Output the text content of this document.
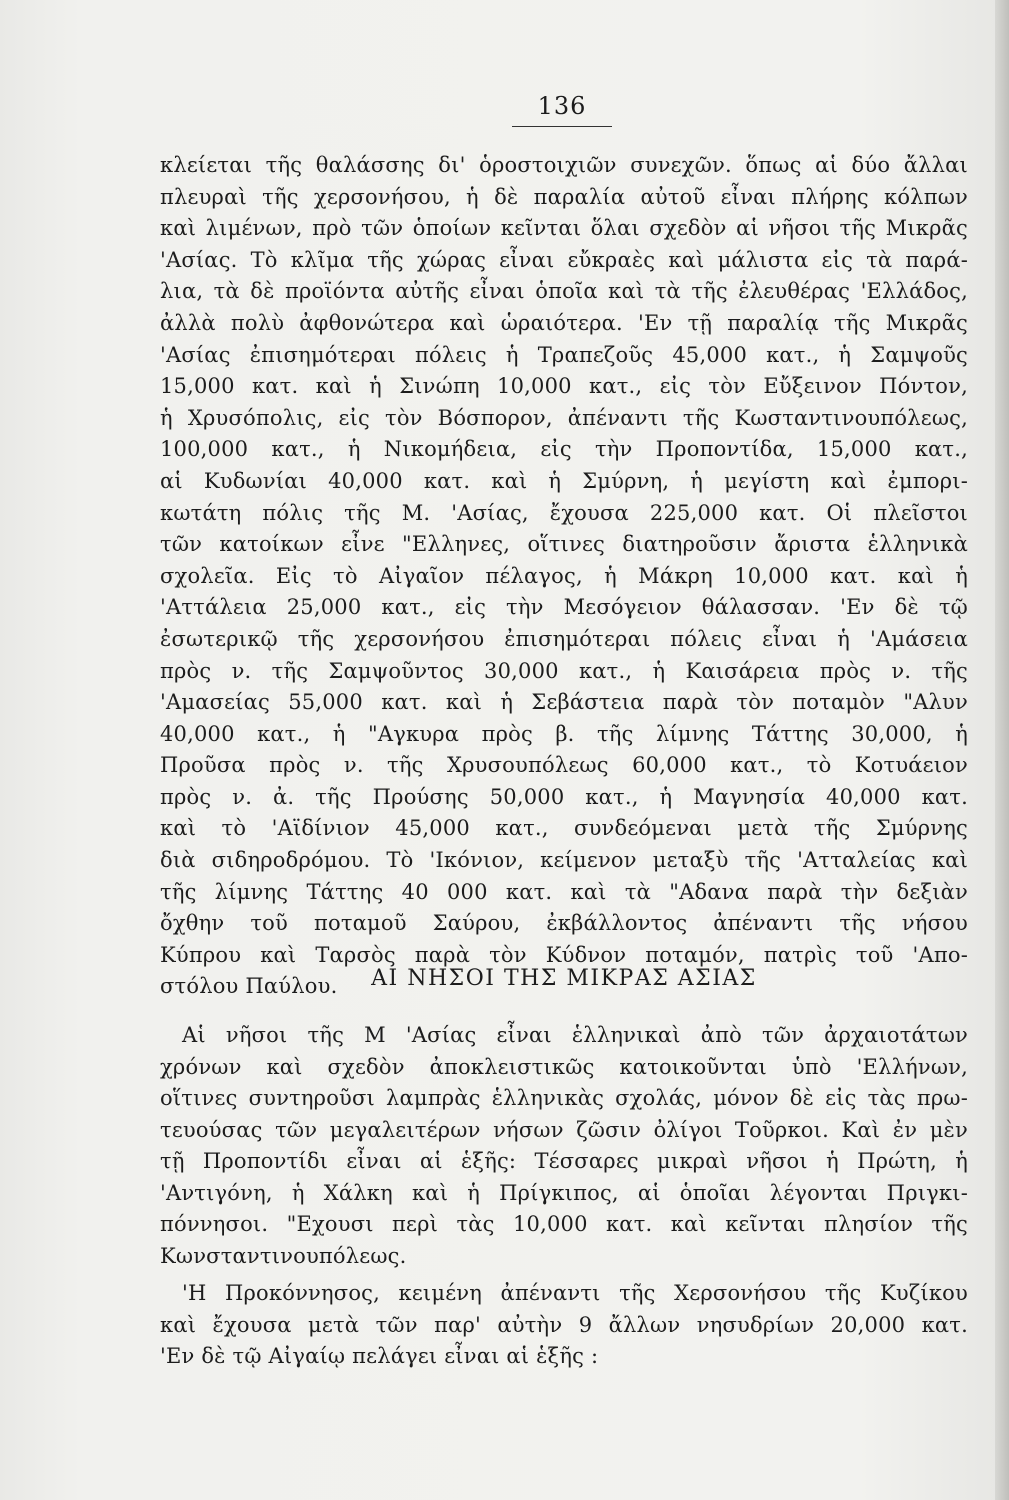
136
κλείεται τῆς θαλάσσης δι' ὁροστοιχιῶν συνεχῶν. ὅπως αἱ δύο ἄλλαι
πλευραὶ τῆς χερσονήσου, ἡ δὲ παραλία αὐτοῦ εἶναι πλήρης κόλπων
καὶ λιμένων, πρὸ τῶν ὁποίων κεῖνται ὅλαι σχεδὸν αἱ νῆσοι τῆς Μικρᾶς
'Ασίας. Τὸ κλῖμα τῆς χώρας εἶναι εὔκραὲς καὶ μάλιστα εἰς τὰ παρά-
λια, τὰ δὲ προϊόντα αὐτῆς εἶναι ὁποῖα καὶ τὰ τῆς ἐλευθέρας 'Ελλάδος,
ἀλλὰ πολὺ ἀφθονώτερα καὶ ὡραιότερα. 'Εν τῇ παραλίᾳ τῆς Μικρᾶς
'Ασίας ἐπισημότεραι πόλεις ἡ Τραπεζοῦς 45,000 κατ., ἡ Σαμψοῦς
15,000 κατ. καὶ ἡ Σινώπη 10,000 κατ., εἰς τὸν Εὔξεινον Πόντον,
ἡ Χρυσόπολις, εἰς τὸν Βόσπορον, ἀπέναντι τῆς Κωσταντινουπόλεως,
100,000 κατ., ἡ Νικομήδεια, εἰς τὴν Προποντίδα, 15,000 κατ.,
αἱ Κυδωνίαι 40,000 κατ. καὶ ἡ Σμύρνη, ἡ μεγίστη καὶ ἐμπορι-
κωτάτη πόλις τῆς Μ. 'Ασίας, ἔχουσα 225,000 κατ. Οἱ πλεῖστοι
τῶν κατοίκων εἶνε "Ελληνες, οἵτινες διατηροῦσιν ἄριστα ἑλληνικὰ
σχολεῖα. Εἰς τὸ Αἰγαῖον πέλαγος, ἡ Μάκρη 10,000 κατ. καὶ ἡ
'Αττάλεια 25,000 κατ., εἰς τὴν Μεσόγειον θάλασσαν. 'Εν δὲ τῷ
ἐσωτερικῷ τῆς χερσονήσου ἐπισημότεραι πόλεις εἶναι ἡ 'Αμάσεια
πρὸς ν. τῆς Σαμψοῦντος 30,000 κατ., ἡ Καισάρεια πρὸς ν. τῆς
'Αμασείας 55,000 κατ. καὶ ἡ Σεβάστεια παρὰ τὸν ποταμὸν "Αλυν
40,000 κατ., ἡ "Αγκυρα πρὸς β. τῆς λίμνης Τάττης 30,000, ἡ
Προῦσα πρὸς ν. τῆς Χρυσουπόλεως 60,000 κατ., τὸ Κοτυάειον
πρὸς ν. ἀ. τῆς Προύσης 50,000 κατ., ἡ Μαγνησία 40,000 κατ.
καὶ τὸ 'Αϊδίνιον 45,000 κατ., συνδεόμεναι μετὰ τῆς Σμύρνης
διὰ σιδηροδρόμου. Τὸ 'Ικόνιον, κείμενον μεταξὺ τῆς 'Ατταλείας καὶ
τῆς λίμνης Τάττης 40 000 κατ. καὶ τὰ "Αδανα παρὰ τὴν δεξιὰν
ὄχθην τοῦ ποταμοῦ Σαύρου, ἐκβάλλοντος ἀπέναντι τῆς νήσου
Κύπρου καὶ Ταρσὸς παρὰ τὸν Κύδνον ποταμόν, πατρὶς τοῦ 'Απο-
στόλου Παύλου.	ΑΙ ΝΗΣΟΙ ΤΗΣ ΜΙΚΡΑΣ ΑΣΙΑΣ
Αἱ νῆσοι τῆς Μ 'Ασίας εἶναι ἑλληνικαὶ ἀπὸ τῶν ἀρχαιοτάτων
χρόνων καὶ σχεδὸν ἀποκλειστικῶς κατοικοῦνται ὑπὸ 'Ελλήνων,
οἵτινες συντηροῦσι λαμπρὰς ἑλληνικὰς σχολάς, μόνον δὲ εἰς τὰς πρω-
τευούσας τῶν μεγαλειτέρων νήσων ζῶσιν ὀλίγοι Τοῦρκοι. Καὶ ἐν μὲν
τῇ Προποντίδι εἶναι αἱ ἑξῆς: Τέσσαρες μικραὶ νῆσοι ἡ Πρώτη, ἡ
'Αντιγόνη, ἡ Χάλκη καὶ ἡ Πρίγκιπος, αἱ ὁποῖαι λέγονται Πριγκι-
πόννησοι. "Εχουσι περὶ τὰς 10,000 κατ. καὶ κεῖνται πλησίον τῆς
Κωνσταντινουπόλεως.
'Η Προκόννησος, κειμένη ἀπέναντι τῆς Χερσονήσου τῆς Κυζίκου
καὶ ἔχουσα μετὰ τῶν παρ' αὐτὴν 9 ἄλλων νησυδρίων 20,000 κατ.
'Εν δὲ τῷ Αἰγαίῳ πελάγει εἶναι αἱ ἑξῆς :
